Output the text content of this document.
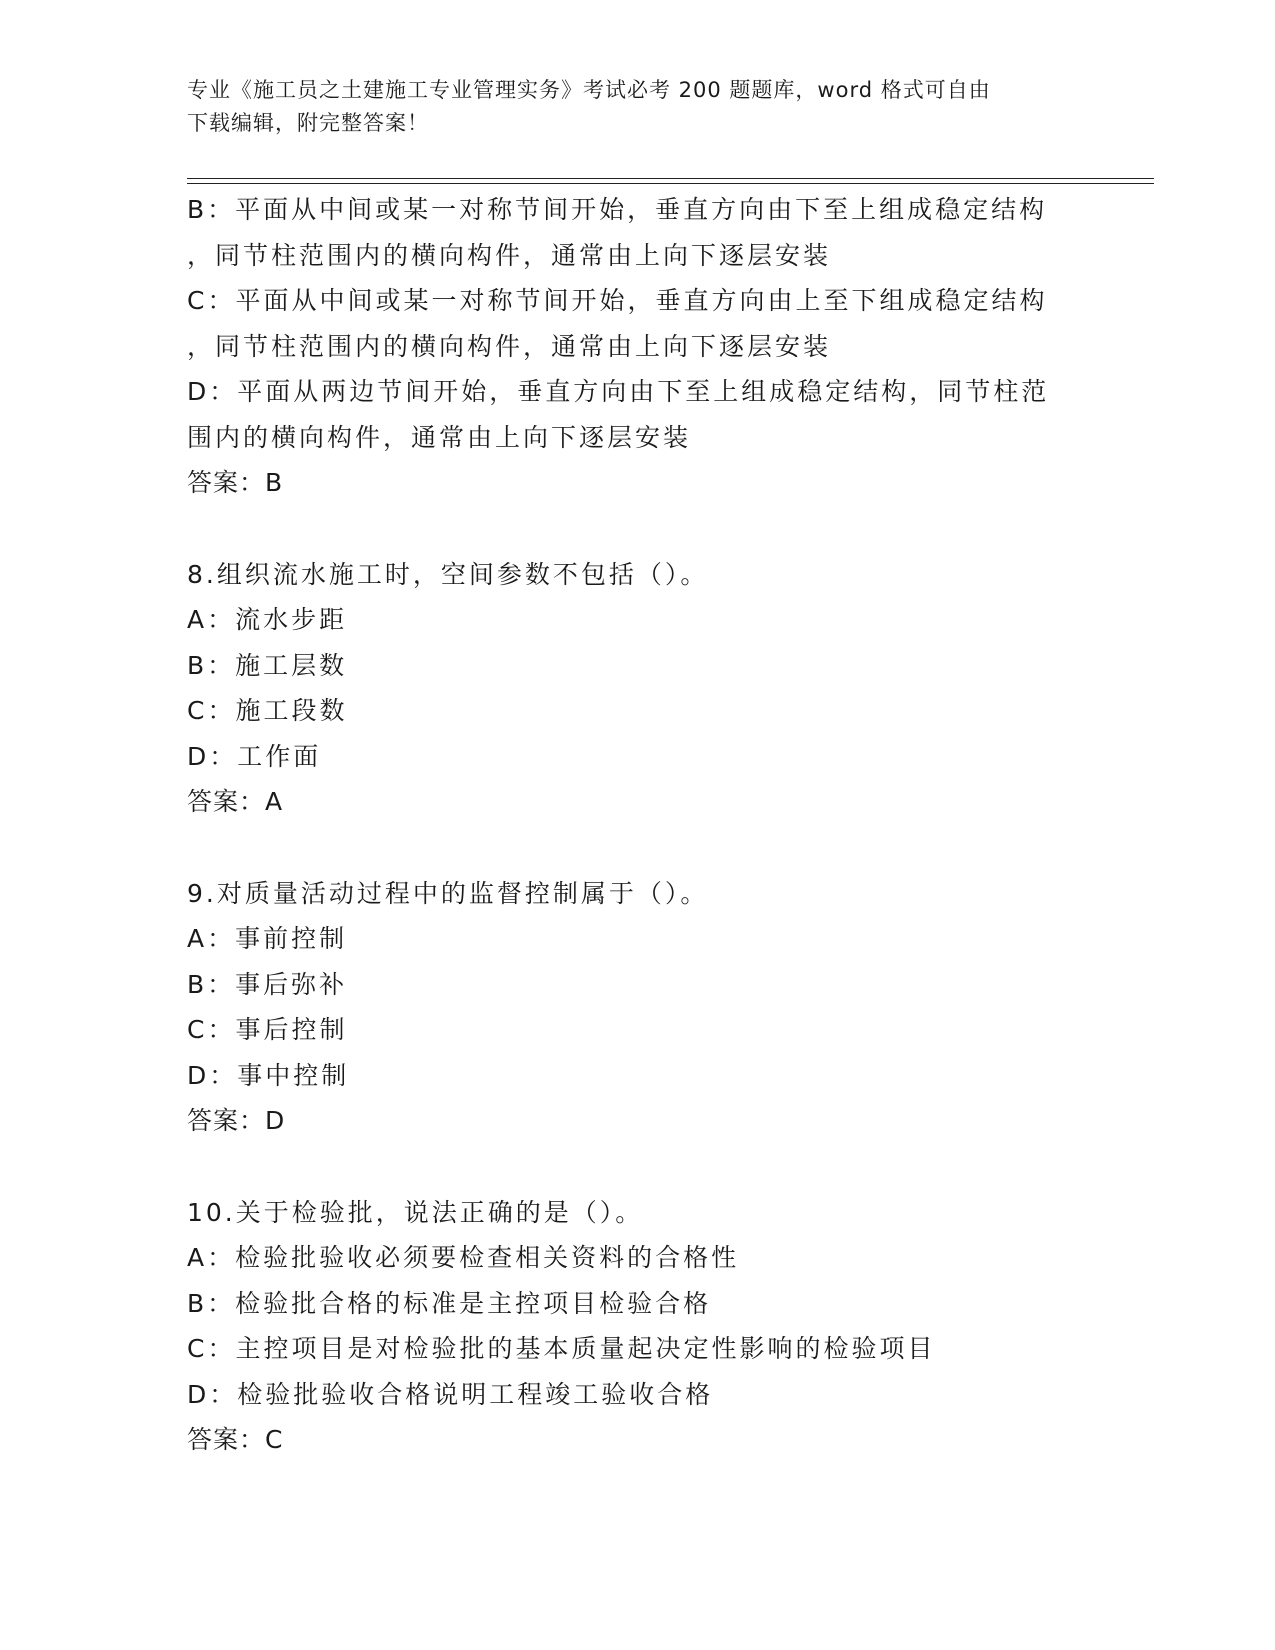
专业《施工员之土建施工专业管理实务》考试必考 200 题题库，word 格式可自由

下载编辑，附完整答案！

B：平面从中间或某一对称节间开始，垂直方向由下至上组成稳定结构

，同节柱范围内的横向构件，通常由上向下逐层安装

C：平面从中间或某一对称节间开始，垂直方向由上至下组成稳定结构

，同节柱范围内的横向构件，通常由上向下逐层安装

D：平面从两边节间开始，垂直方向由下至上组成稳定结构，同节柱范

围内的横向构件，通常由上向下逐层安装

答案：B

8.组织流水施工时，空间参数不包括（）。

A：流水步距

B：施工层数

C：施工段数

D：工作面

答案：A

9.对质量活动过程中的监督控制属于（）。

A：事前控制

B：事后弥补

C：事后控制

D：事中控制

答案：D

10.关于检验批，说法正确的是（）。

A：检验批验收必须要检查相关资料的合格性

B：检验批合格的标准是主控项目检验合格

C：主控项目是对检验批的基本质量起决定性影响的检验项目

D：检验批验收合格说明工程竣工验收合格

答案：C
